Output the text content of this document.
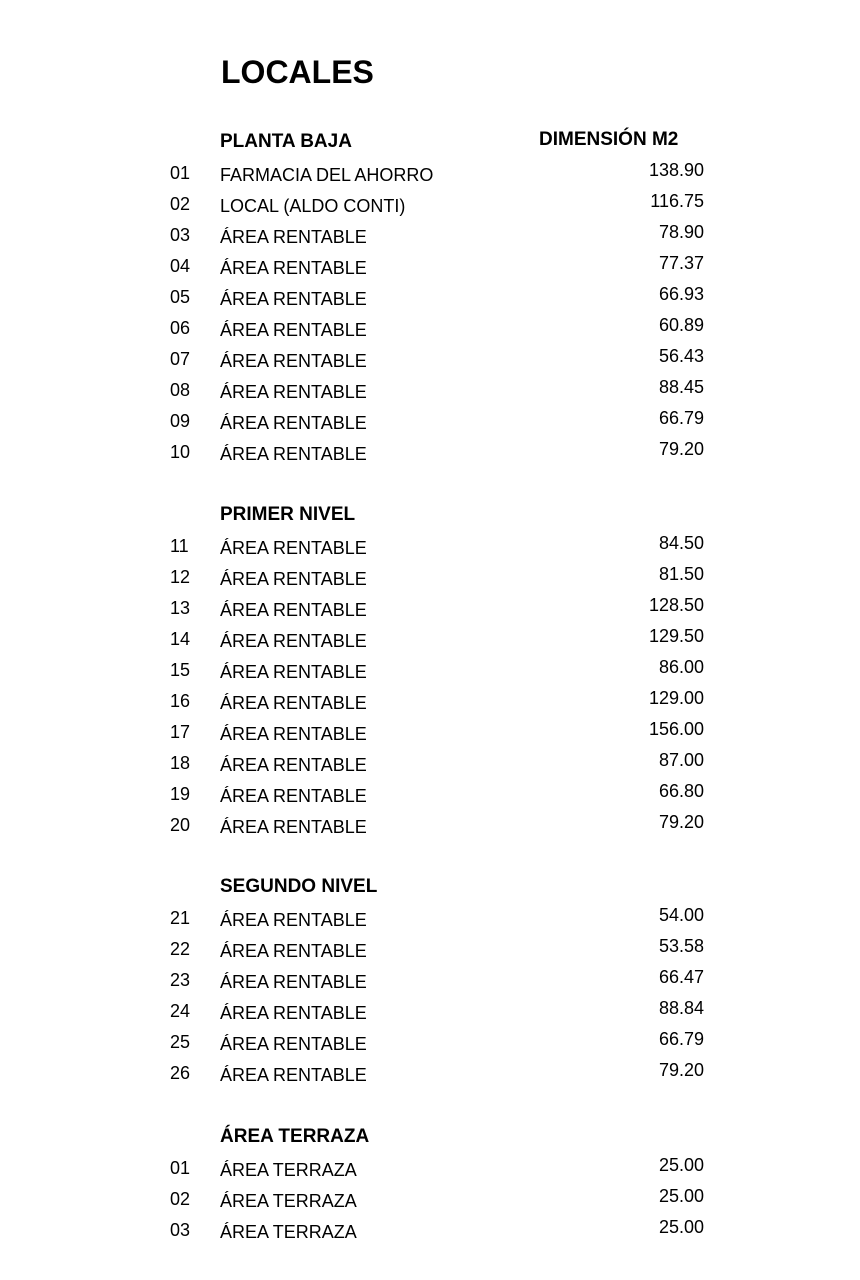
LOCALES
DIMENSIÓN M2
PLANTA BAJA
01 FARMACIA DEL AHORRO	138.90
02 LOCAL (ALDO CONTI)	116.75
03 ÁREA RENTABLE	78.90
04 ÁREA RENTABLE	77.37
05 ÁREA RENTABLE	66.93
06 ÁREA RENTABLE	60.89
07 ÁREA RENTABLE	56.43
08 ÁREA RENTABLE	88.45
09 ÁREA RENTABLE	66.79
10 ÁREA RENTABLE	79.20
PRIMER NIVEL
11 ÁREA RENTABLE	84.50
12 ÁREA RENTABLE	81.50
13 ÁREA RENTABLE	128.50
14 ÁREA RENTABLE	129.50
15 ÁREA RENTABLE	86.00
16 ÁREA RENTABLE	129.00
17 ÁREA RENTABLE	156.00
18 ÁREA RENTABLE	87.00
19 ÁREA RENTABLE	66.80
20 ÁREA RENTABLE	79.20
SEGUNDO NIVEL
21 ÁREA RENTABLE	54.00
22 ÁREA RENTABLE	53.58
23 ÁREA RENTABLE	66.47
24 ÁREA RENTABLE	88.84
25 ÁREA RENTABLE	66.79
26 ÁREA RENTABLE	79.20
ÁREA TERRAZA
01 ÁREA TERRAZA	25.00
02 ÁREA TERRAZA	25.00
03 ÁREA TERRAZA	25.00
